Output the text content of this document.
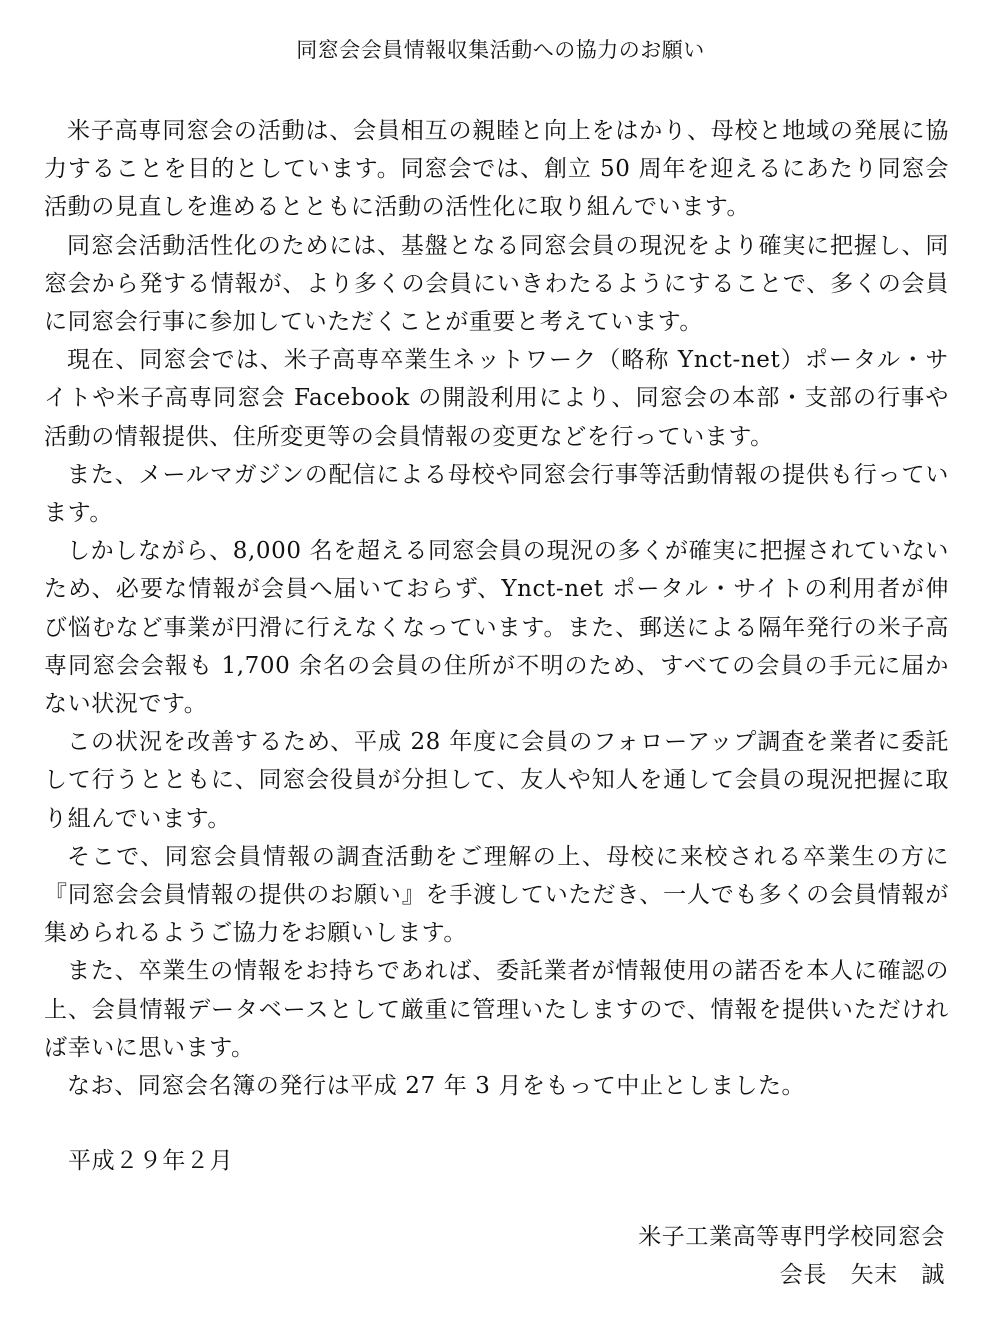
同窓会会員情報収集活動への協力のお願い

米子高専同窓会の活動は、会員相互の親睦と向上をはかり、母校と地域の発展に協力することを目的としています。同窓会では、創立 50 周年を迎えるにあたり同窓会活動の見直しを進めるとともに活動の活性化に取り組んでいます。

同窓会活動活性化のためには、基盤となる同窓会員の現況をより確実に把握し、同窓会から発する情報が、より多くの会員にいきわたるようにすることで、多くの会員に同窓会行事に参加していただくことが重要と考えています。

現在、同窓会では、米子高専卒業生ネットワーク（略称 Ynct-net）ポータル・サイトや米子高専同窓会 Facebook の開設利用により、同窓会の本部・支部の行事や活動の情報提供、住所変更等の会員情報の変更などを行っています。

また、メールマガジンの配信による母校や同窓会行事等活動情報の提供も行っています。

しかしながら、8,000 名を超える同窓会員の現況の多くが確実に把握されていないため、必要な情報が会員へ届いておらず、Ynct-net ポータル・サイトの利用者が伸び悩むなど事業が円滑に行えなくなっています。また、郵送による隔年発行の米子高専同窓会会報も 1,700 余名の会員の住所が不明のため、すべての会員の手元に届かない状況です。

この状況を改善するため、平成 28 年度に会員のフォローアップ調査を業者に委託して行うとともに、同窓会役員が分担して、友人や知人を通して会員の現況把握に取り組んでいます。

そこで、同窓会員情報の調査活動をご理解の上、母校に来校される卒業生の方に『同窓会会員情報の提供のお願い』を手渡していただき、一人でも多くの会員情報が集められるようご協力をお願いします。

また、卒業生の情報をお持ちであれば、委託業者が情報使用の諾否を本人に確認の上、会員情報データベースとして厳重に管理いたしますので、情報を提供いただければ幸いに思います。

なお、同窓会名簿の発行は平成 27 年 3 月をもって中止としました。

平成２９年２月
米子工業高等専門学校同窓会
会長　矢末　誠
